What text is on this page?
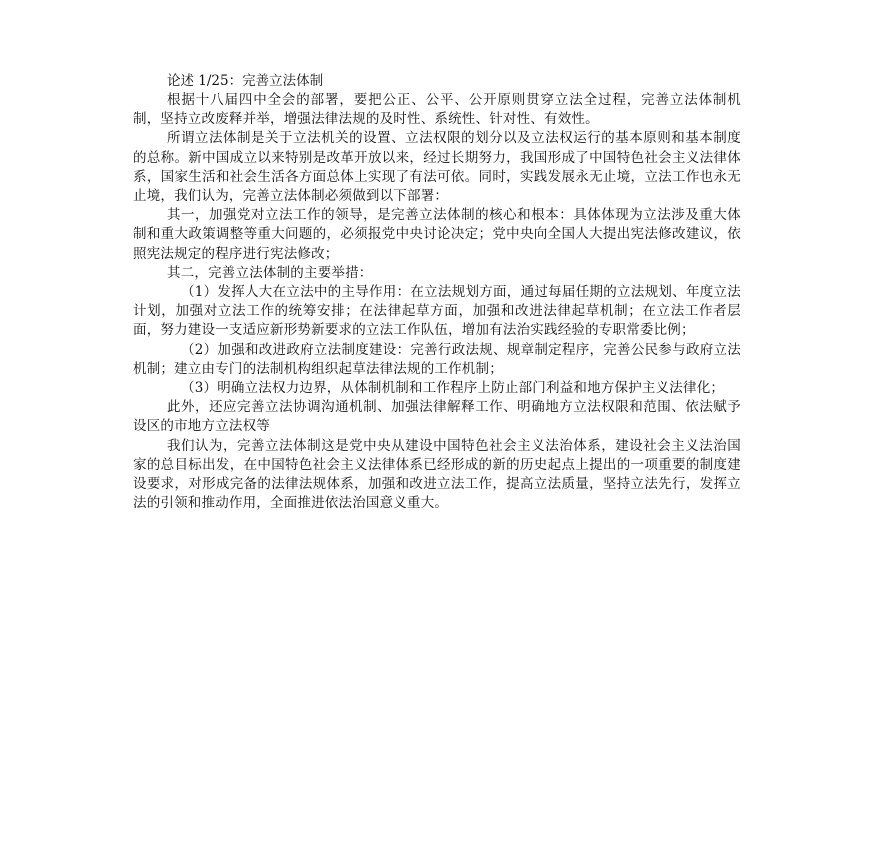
论述 1/25：完善立法体制

根据十八届四中全会的部署，要把公正、公平、公开原则贯穿立法全过程，完善立法体制机制，坚持立改废释并举，增强法律法规的及时性、系统性、针对性、有效性。

所谓立法体制是关于立法机关的设置、立法权限的划分以及立法权运行的基本原则和基本制度的总称。新中国成立以来特别是改革开放以来，经过长期努力，我国形成了中国特色社会主义法律体系，国家生活和社会生活各方面总体上实现了有法可依。同时，实践发展永无止境，立法工作也永无止境，我们认为，完善立法体制必须做到以下部署：

其一，加强党对立法工作的领导，是完善立法体制的核心和根本：具体体现为立法涉及重大体制和重大政策调整等重大问题的，必须报党中央讨论决定；党中央向全国人大提出宪法修改建议，依照宪法规定的程序进行宪法修改；

其二，完善立法体制的主要举措：

（1）发挥人大在立法中的主导作用：在立法规划方面，通过每届任期的立法规划、年度立法计划，加强对立法工作的统筹安排；在法律起草方面，加强和改进法律起草机制；在立法工作者层面，努力建设一支适应新形势新要求的立法工作队伍，增加有法治实践经验的专职常委比例；

（2）加强和改进政府立法制度建设：完善行政法规、规章制定程序，完善公民参与政府立法机制；建立由专门的法制机构组织起草法律法规的工作机制；

（3）明确立法权力边界，从体制机制和工作程序上防止部门利益和地方保护主义法律化；

此外，还应完善立法协调沟通机制、加强法律解释工作、明确地方立法权限和范围、依法赋予设区的市地方立法权等

我们认为，完善立法体制这是党中央从建设中国特色社会主义法治体系，建设社会主义法治国家的总目标出发，在中国特色社会主义法律体系已经形成的新的历史起点上提出的一项重要的制度建设要求，对形成完备的法律法规体系，加强和改进立法工作，提高立法质量，坚持立法先行，发挥立法的引领和推动作用，全面推进依法治国意义重大。
